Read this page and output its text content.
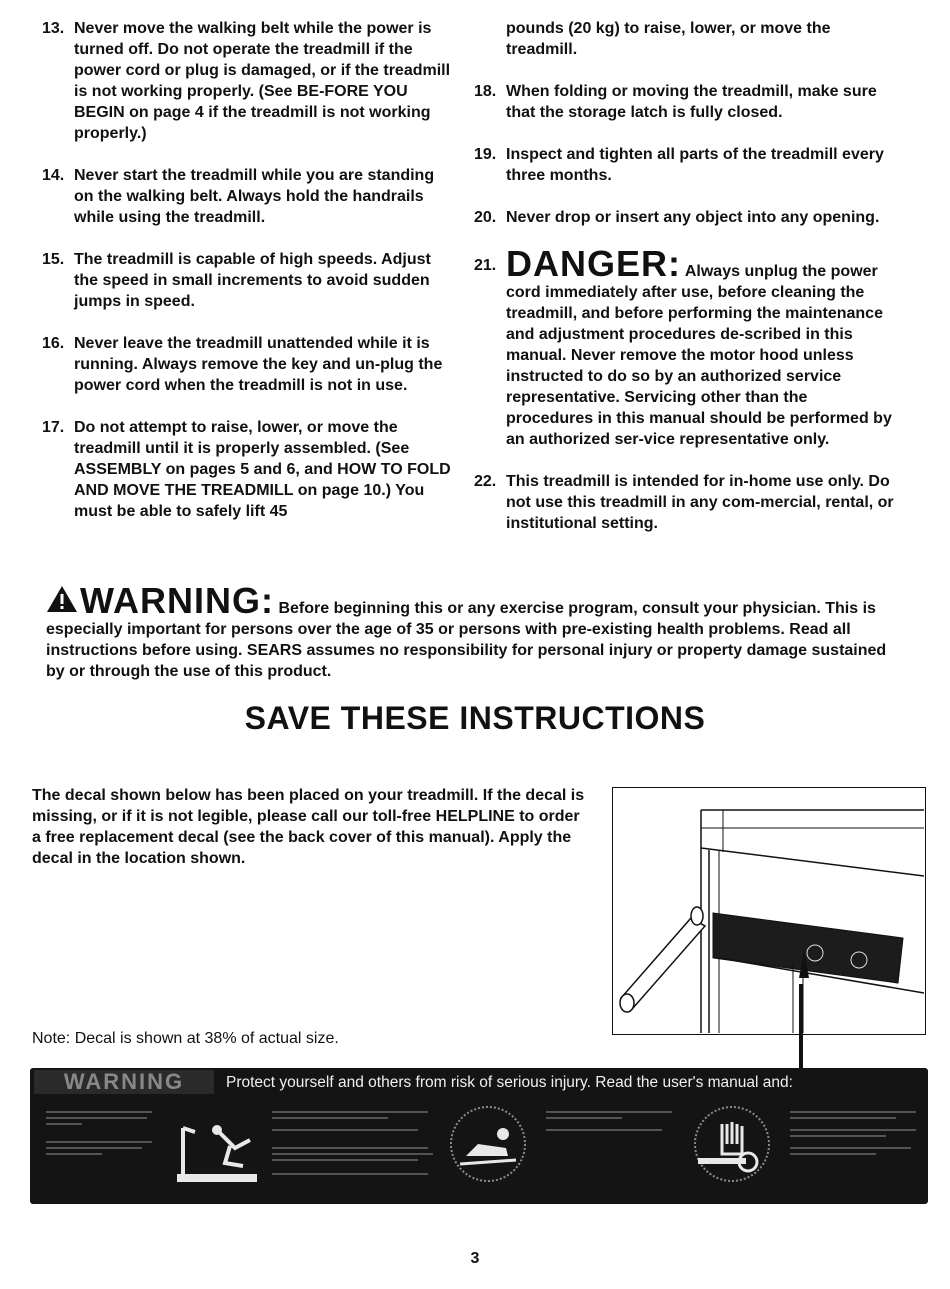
13. Never move the walking belt while the power is turned off. Do not operate the treadmill if the power cord or plug is damaged, or if the treadmill is not working properly. (See BE-FORE YOU BEGIN on page 4 if the treadmill is not working properly.)
14. Never start the treadmill while you are standing on the walking belt. Always hold the handrails while using the treadmill.
15. The treadmill is capable of high speeds. Adjust the speed in small increments to avoid sudden jumps in speed.
16. Never leave the treadmill unattended while it is running. Always remove the key and un-plug the power cord when the treadmill is not in use.
17. Do not attempt to raise, lower, or move the treadmill until it is properly assembled. (See ASSEMBLY on pages 5 and 6, and HOW TO FOLD AND MOVE THE TREADMILL on page 10.) You must be able to safely lift 45
pounds (20 kg) to raise, lower, or move the treadmill.
18. When folding or moving the treadmill, make sure that the storage latch is fully closed.
19. Inspect and tighten all parts of the treadmill every three months.
20. Never drop or insert any object into any opening.
21. DANGER: Always unplug the power cord immediately after use, before cleaning the treadmill, and before performing the maintenance and adjustment procedures de-scribed in this manual. Never remove the motor hood unless instructed to do so by an authorized service representative. Servicing other than the procedures in this manual should be performed by an authorized ser-vice representative only.
22. This treadmill is intended for in-home use only. Do not use this treadmill in any com-mercial, rental, or institutional setting.
WARNING: Before beginning this or any exercise program, consult your physician. This is especially important for persons over the age of 35 or persons with pre-existing health problems. Read all instructions before using. SEARS assumes no responsibility for personal injury or property damage sustained by or through the use of this product.
SAVE THESE INSTRUCTIONS
The decal shown below has been placed on your treadmill. If the decal is missing, or if it is not legible, please call our toll-free HELPLINE to order a free replacement decal (see the back cover of this manual). Apply the decal in the location shown.
Note: Decal is shown at 38% of actual size.
WARNING	Protect yourself and others from risk of serious injury. Read the user's manual and:
3
